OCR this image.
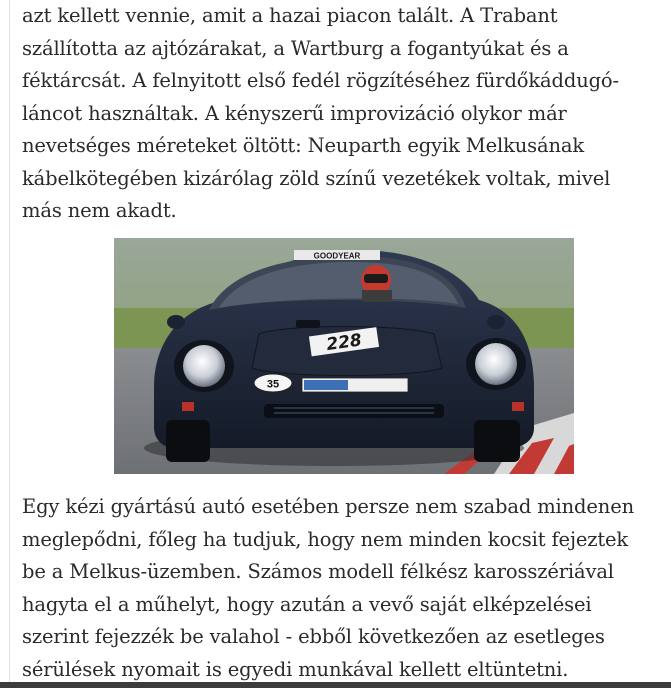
azt kellett vennie, amit a hazai piacon talált. A Trabant
szállította az ajtózárakat, a Wartburg a fogantyúkat és a
féktárcsát. A felnyitott első fedél rögzítéséhez fürdőkáddugó-
láncot használtak. A kényszerű improvizáció olykor már
nevetséges méreteket öltött: Neuparth egyik Melkusának
kábelkötegében kizárólag zöld színű vezetékek voltak, mivel
más nem akadt.

GOODYEAR
228
35

Egy kézi gyártású autó esetében persze nem szabad mindenen
meglepődni, főleg ha tudjuk, hogy nem minden kocsit fejeztek
be a Melkus-üzemben. Számos modell félkész karosszériával
hagyta el a műhelyt, hogy azután a vevő saját elképzelései
szerint fejezzék be valahol - ebből következően az esetleges
sérülések nyomait is egyedi munkával kellett eltüntetni.
